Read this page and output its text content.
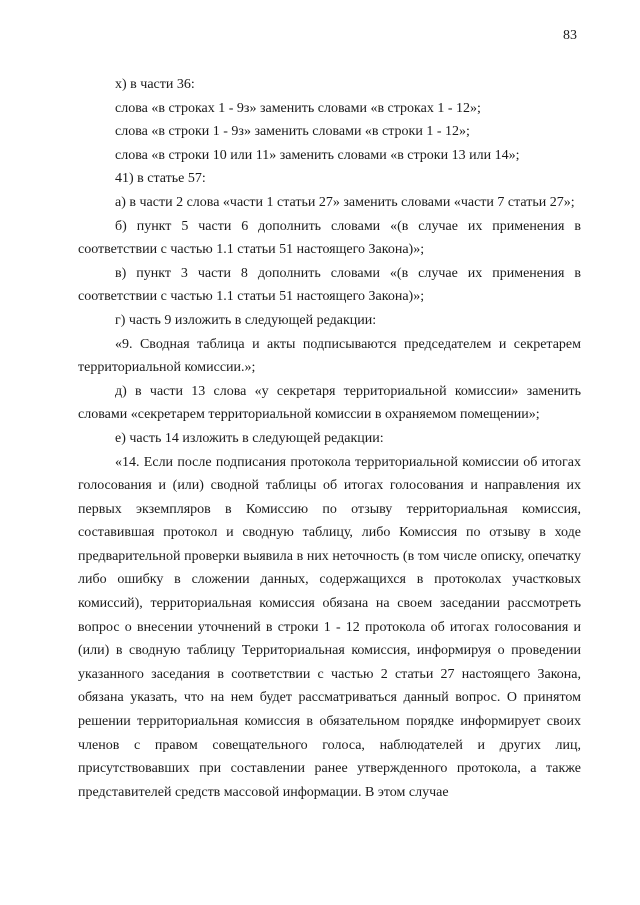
83

х) в части 36:

слова «в строках 1 - 9з» заменить словами «в строках 1 - 12»;

слова «в строки 1 - 9з» заменить словами «в строки 1 - 12»;

слова «в строки 10 или 11» заменить словами «в строки 13 или 14»;

41) в статье 57:

а) в части 2 слова «части 1 статьи 27» заменить словами «части 7 статьи 27»;

б) пункт 5 части 6 дополнить словами «(в случае их применения в соответствии с частью 1.1 статьи 51 настоящего Закона)»;

в) пункт 3 части 8 дополнить словами «(в случае их применения в соответствии с частью 1.1 статьи 51 настоящего Закона)»;

г) часть 9 изложить в следующей редакции:

«9. Сводная таблица и акты подписываются председателем и секретарем территориальной комиссии.»;

д) в части 13 слова «у секретаря территориальной комиссии» заменить словами «секретарем территориальной комиссии в охраняемом помещении»;

е) часть 14 изложить в следующей редакции:

«14. Если после подписания протокола территориальной комиссии об итогах голосования и (или) сводной таблицы об итогах голосования и направления их первых экземпляров в Комиссию по отзыву территориальная комиссия, составившая протокол и сводную таблицу, либо Комиссия по отзыву в ходе предварительной проверки выявила в них неточность (в том числе описку, опечатку либо ошибку в сложении данных, содержащихся в протоколах участковых комиссий), территориальная комиссия обязана на своем заседании рассмотреть вопрос о внесении уточнений в строки 1 - 12 протокола об итогах голосования и (или) в сводную таблицу Территориальная комиссия, информируя о проведении указанного заседания в соответствии с частью 2 статьи 27 настоящего Закона, обязана указать, что на нем будет рассматриваться данный вопрос. О принятом решении территориальная комиссия в обязательном порядке информирует своих членов с правом совещательного голоса, наблюдателей и других лиц, присутствовавших при составлении ранее утвержденного протокола, а также представителей средств массовой информации. В этом случае
